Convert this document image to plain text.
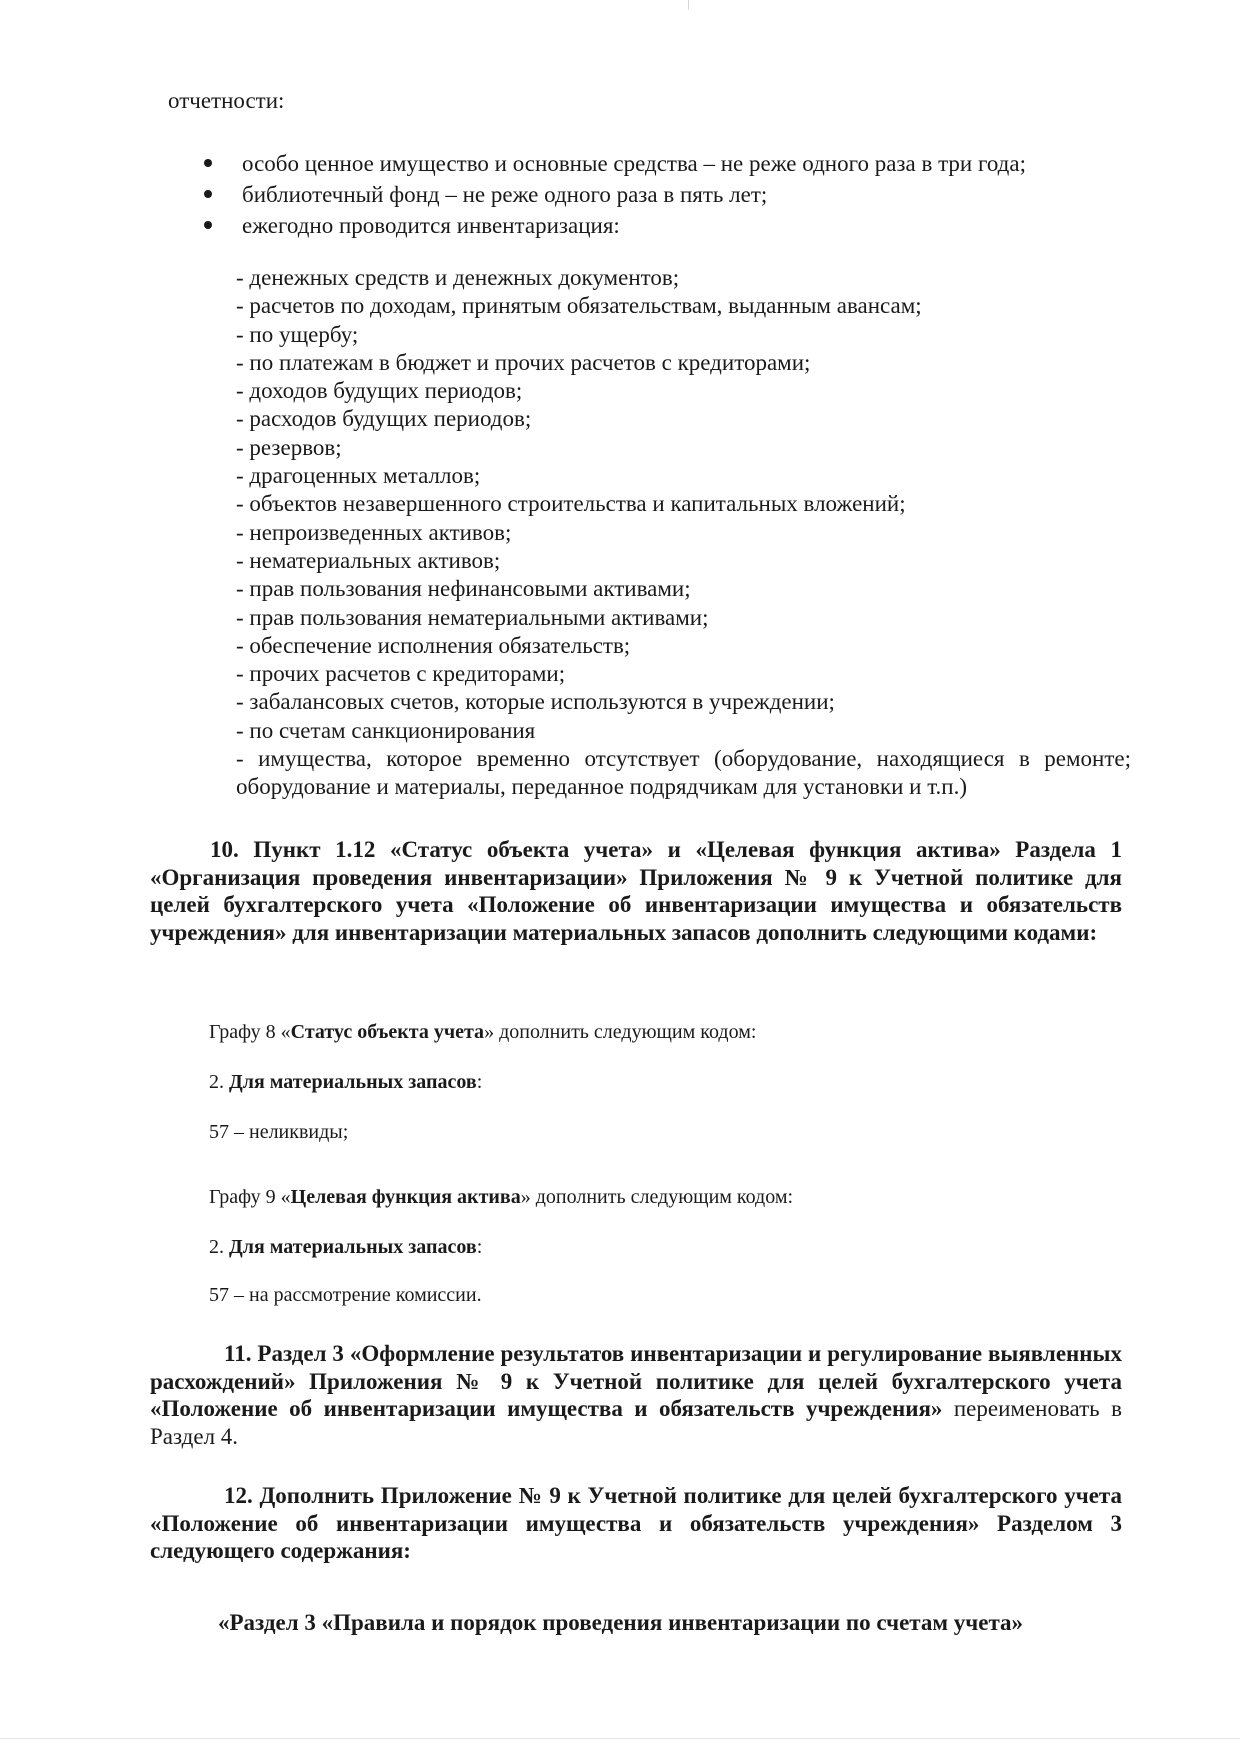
отчетности:
особо ценное имущество и основные средства – не реже одного раза в три года;
библиотечный фонд – не реже одного раза в пять лет;
ежегодно проводится инвентаризация:
- денежных средств и денежных документов;
- расчетов по доходам, принятым обязательствам, выданным авансам;
- по ущербу;
- по платежам в бюджет и прочих расчетов с кредиторами;
- доходов будущих периодов;
- расходов будущих периодов;
- резервов;
- драгоценных металлов;
- объектов незавершенного строительства и капитальных вложений;
- непроизведенных активов;
- нематериальных активов;
- прав пользования нефинансовыми активами;
- прав пользования нематериальными активами;
- обеспечение исполнения обязательств;
- прочих расчетов с кредиторами;
- забалансовых счетов, которые используются в учреждении;
- по счетам санкционирования
- имущества, которое временно отсутствует (оборудование, находящиеся в ремонте; оборудование и материалы, переданное подрядчикам для установки и т.п.)
10. Пункт 1.12 «Статус объекта учета» и «Целевая функция актива» Раздела 1 «Организация проведения инвентаризации» Приложения № 9 к Учетной политике для целей бухгалтерского учета «Положение об инвентаризации имущества и обязательств учреждения» для инвентаризации материальных запасов дополнить следующими кодами:
Графу 8 «Статус объекта учета» дополнить следующим кодом:
2. Для материальных запасов:
57 – неликвиды;
Графу 9 «Целевая функция актива» дополнить следующим кодом:
2. Для материальных запасов:
57 – на рассмотрение комиссии.
11. Раздел 3 «Оформление результатов инвентаризации и регулирование выявленных расхождений» Приложения № 9 к Учетной политике для целей бухгалтерского учета «Положение об инвентаризации имущества и обязательств учреждения» переименовать в Раздел 4.
12. Дополнить Приложение № 9 к Учетной политике для целей бухгалтерского учета «Положение об инвентаризации имущества и обязательств учреждения» Разделом 3 следующего содержания:
«Раздел 3 «Правила и порядок проведения инвентаризации по счетам учета»
